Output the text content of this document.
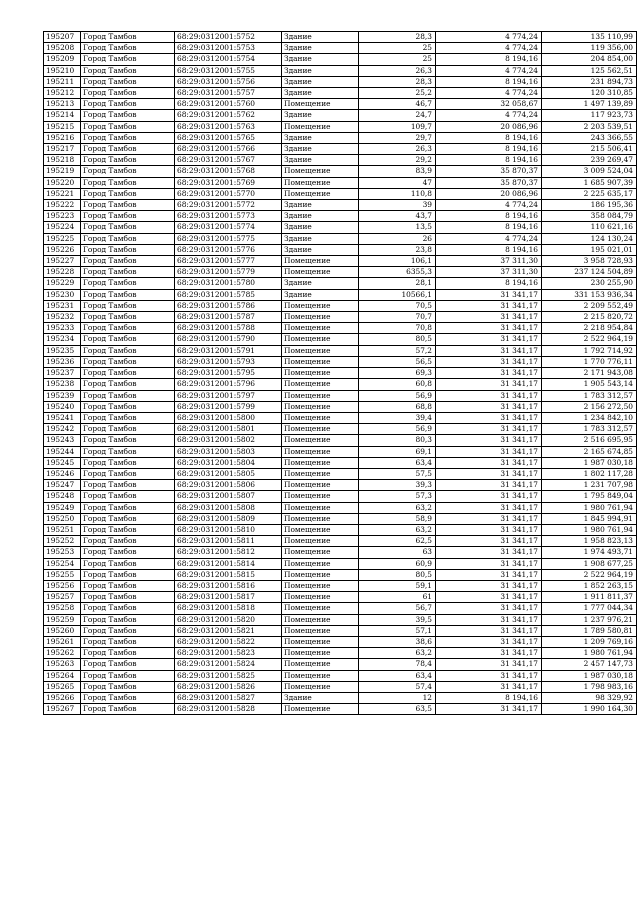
195207	Город Тамбов	68:29:0312001:5752	Здание	28,3	4 774,24	135 110,99
195208	Город Тамбов	68:29:0312001:5753	Здание	25	4 774,24	119 356,00
195209	Город Тамбов	68:29:0312001:5754	Здание	25	8 194,16	204 854,00
195210	Город Тамбов	68:29:0312001:5755	Здание	26,3	4 774,24	125 562,51
195211	Город Тамбов	68:29:0312001:5756	Здание	28,3	8 194,16	231 894,73
195212	Город Тамбов	68:29:0312001:5757	Здание	25,2	4 774,24	120 310,85
195213	Город Тамбов	68:29:0312001:5760	Помещение	46,7	32 058,67	1 497 139,89
195214	Город Тамбов	68:29:0312001:5762	Здание	24,7	4 774,24	117 923,73
195215	Город Тамбов	68:29:0312001:5763	Помещение	109,7	20 086,96	2 203 539,51
195216	Город Тамбов	68:29:0312001:5765	Здание	29,7	8 194,16	243 366,55
195217	Город Тамбов	68:29:0312001:5766	Здание	26,3	8 194,16	215 506,41
195218	Город Тамбов	68:29:0312001:5767	Здание	29,2	8 194,16	239 269,47
195219	Город Тамбов	68:29:0312001:5768	Помещение	83,9	35 870,37	3 009 524,04
195220	Город Тамбов	68:29:0312001:5769	Помещение	47	35 870,37	1 685 907,39
195221	Город Тамбов	68:29:0312001:5770	Помещение	110,8	20 086,96	2 225 635,17
195222	Город Тамбов	68:29:0312001:5772	Здание	39	4 774,24	186 195,36
195223	Город Тамбов	68:29:0312001:5773	Здание	43,7	8 194,16	358 084,79
195224	Город Тамбов	68:29:0312001:5774	Здание	13,5	8 194,16	110 621,16
195225	Город Тамбов	68:29:0312001:5775	Здание	26	4 774,24	124 130,24
195226	Город Тамбов	68:29:0312001:5776	Здание	23,8	8 194,16	195 021,01
195227	Город Тамбов	68:29:0312001:5777	Помещение	106,1	37 311,30	3 958 728,93
195228	Город Тамбов	68:29:0312001:5779	Помещение	6355,3	37 311,30	237 124 504,89
195229	Город Тамбов	68:29:0312001:5780	Здание	28,1	8 194,16	230 255,90
195230	Город Тамбов	68:29:0312001:5785	Здание	10566,1	31 341,17	331 153 936,34
195231	Город Тамбов	68:29:0312001:5786	Помещение	70,5	31 341,17	2 209 552,49
195232	Город Тамбов	68:29:0312001:5787	Помещение	70,7	31 341,17	2 215 820,72
195233	Город Тамбов	68:29:0312001:5788	Помещение	70,8	31 341,17	2 218 954,84
195234	Город Тамбов	68:29:0312001:5790	Помещение	80,5	31 341,17	2 522 964,19
195235	Город Тамбов	68:29:0312001:5791	Помещение	57,2	31 341,17	1 792 714,92
195236	Город Тамбов	68:29:0312001:5793	Помещение	56,5	31 341,17	1 770 776,11
195237	Город Тамбов	68:29:0312001:5795	Помещение	69,3	31 341,17	2 171 943,08
195238	Город Тамбов	68:29:0312001:5796	Помещение	60,8	31 341,17	1 905 543,14
195239	Город Тамбов	68:29:0312001:5797	Помещение	56,9	31 341,17	1 783 312,57
195240	Город Тамбов	68:29:0312001:5799	Помещение	68,8	31 341,17	2 156 272,50
195241	Город Тамбов	68:29:0312001:5800	Помещение	39,4	31 341,17	1 234 842,10
195242	Город Тамбов	68:29:0312001:5801	Помещение	56,9	31 341,17	1 783 312,57
195243	Город Тамбов	68:29:0312001:5802	Помещение	80,3	31 341,17	2 516 695,95
195244	Город Тамбов	68:29:0312001:5803	Помещение	69,1	31 341,17	2 165 674,85
195245	Город Тамбов	68:29:0312001:5804	Помещение	63,4	31 341,17	1 987 030,18
195246	Город Тамбов	68:29:0312001:5805	Помещение	57,5	31 341,17	1 802 117,28
195247	Город Тамбов	68:29:0312001:5806	Помещение	39,3	31 341,17	1 231 707,98
195248	Город Тамбов	68:29:0312001:5807	Помещение	57,3	31 341,17	1 795 849,04
195249	Город Тамбов	68:29:0312001:5808	Помещение	63,2	31 341,17	1 980 761,94
195250	Город Тамбов	68:29:0312001:5809	Помещение	58,9	31 341,17	1 845 994,91
195251	Город Тамбов	68:29:0312001:5810	Помещение	63,2	31 341,17	1 980 761,94
195252	Город Тамбов	68:29:0312001:5811	Помещение	62,5	31 341,17	1 958 823,13
195253	Город Тамбов	68:29:0312001:5812	Помещение	63	31 341,17	1 974 493,71
195254	Город Тамбов	68:29:0312001:5814	Помещение	60,9	31 341,17	1 908 677,25
195255	Город Тамбов	68:29:0312001:5815	Помещение	80,5	31 341,17	2 522 964,19
195256	Город Тамбов	68:29:0312001:5816	Помещение	59,1	31 341,17	1 852 263,15
195257	Город Тамбов	68:29:0312001:5817	Помещение	61	31 341,17	1 911 811,37
195258	Город Тамбов	68:29:0312001:5818	Помещение	56,7	31 341,17	1 777 044,34
195259	Город Тамбов	68:29:0312001:5820	Помещение	39,5	31 341,17	1 237 976,21
195260	Город Тамбов	68:29:0312001:5821	Помещение	57,1	31 341,17	1 789 580,81
195261	Город Тамбов	68:29:0312001:5822	Помещение	38,6	31 341,17	1 209 769,16
195262	Город Тамбов	68:29:0312001:5823	Помещение	63,2	31 341,17	1 980 761,94
195263	Город Тамбов	68:29:0312001:5824	Помещение	78,4	31 341,17	2 457 147,73
195264	Город Тамбов	68:29:0312001:5825	Помещение	63,4	31 341,17	1 987 030,18
195265	Город Тамбов	68:29:0312001:5826	Помещение	57,4	31 341,17	1 798 983,16
195266	Город Тамбов	68:29:0312001:5827	Здание	12	8 194,16	98 329,92
195267	Город Тамбов	68:29:0312001:5828	Помещение	63,5	31 341,17	1 990 164,30
